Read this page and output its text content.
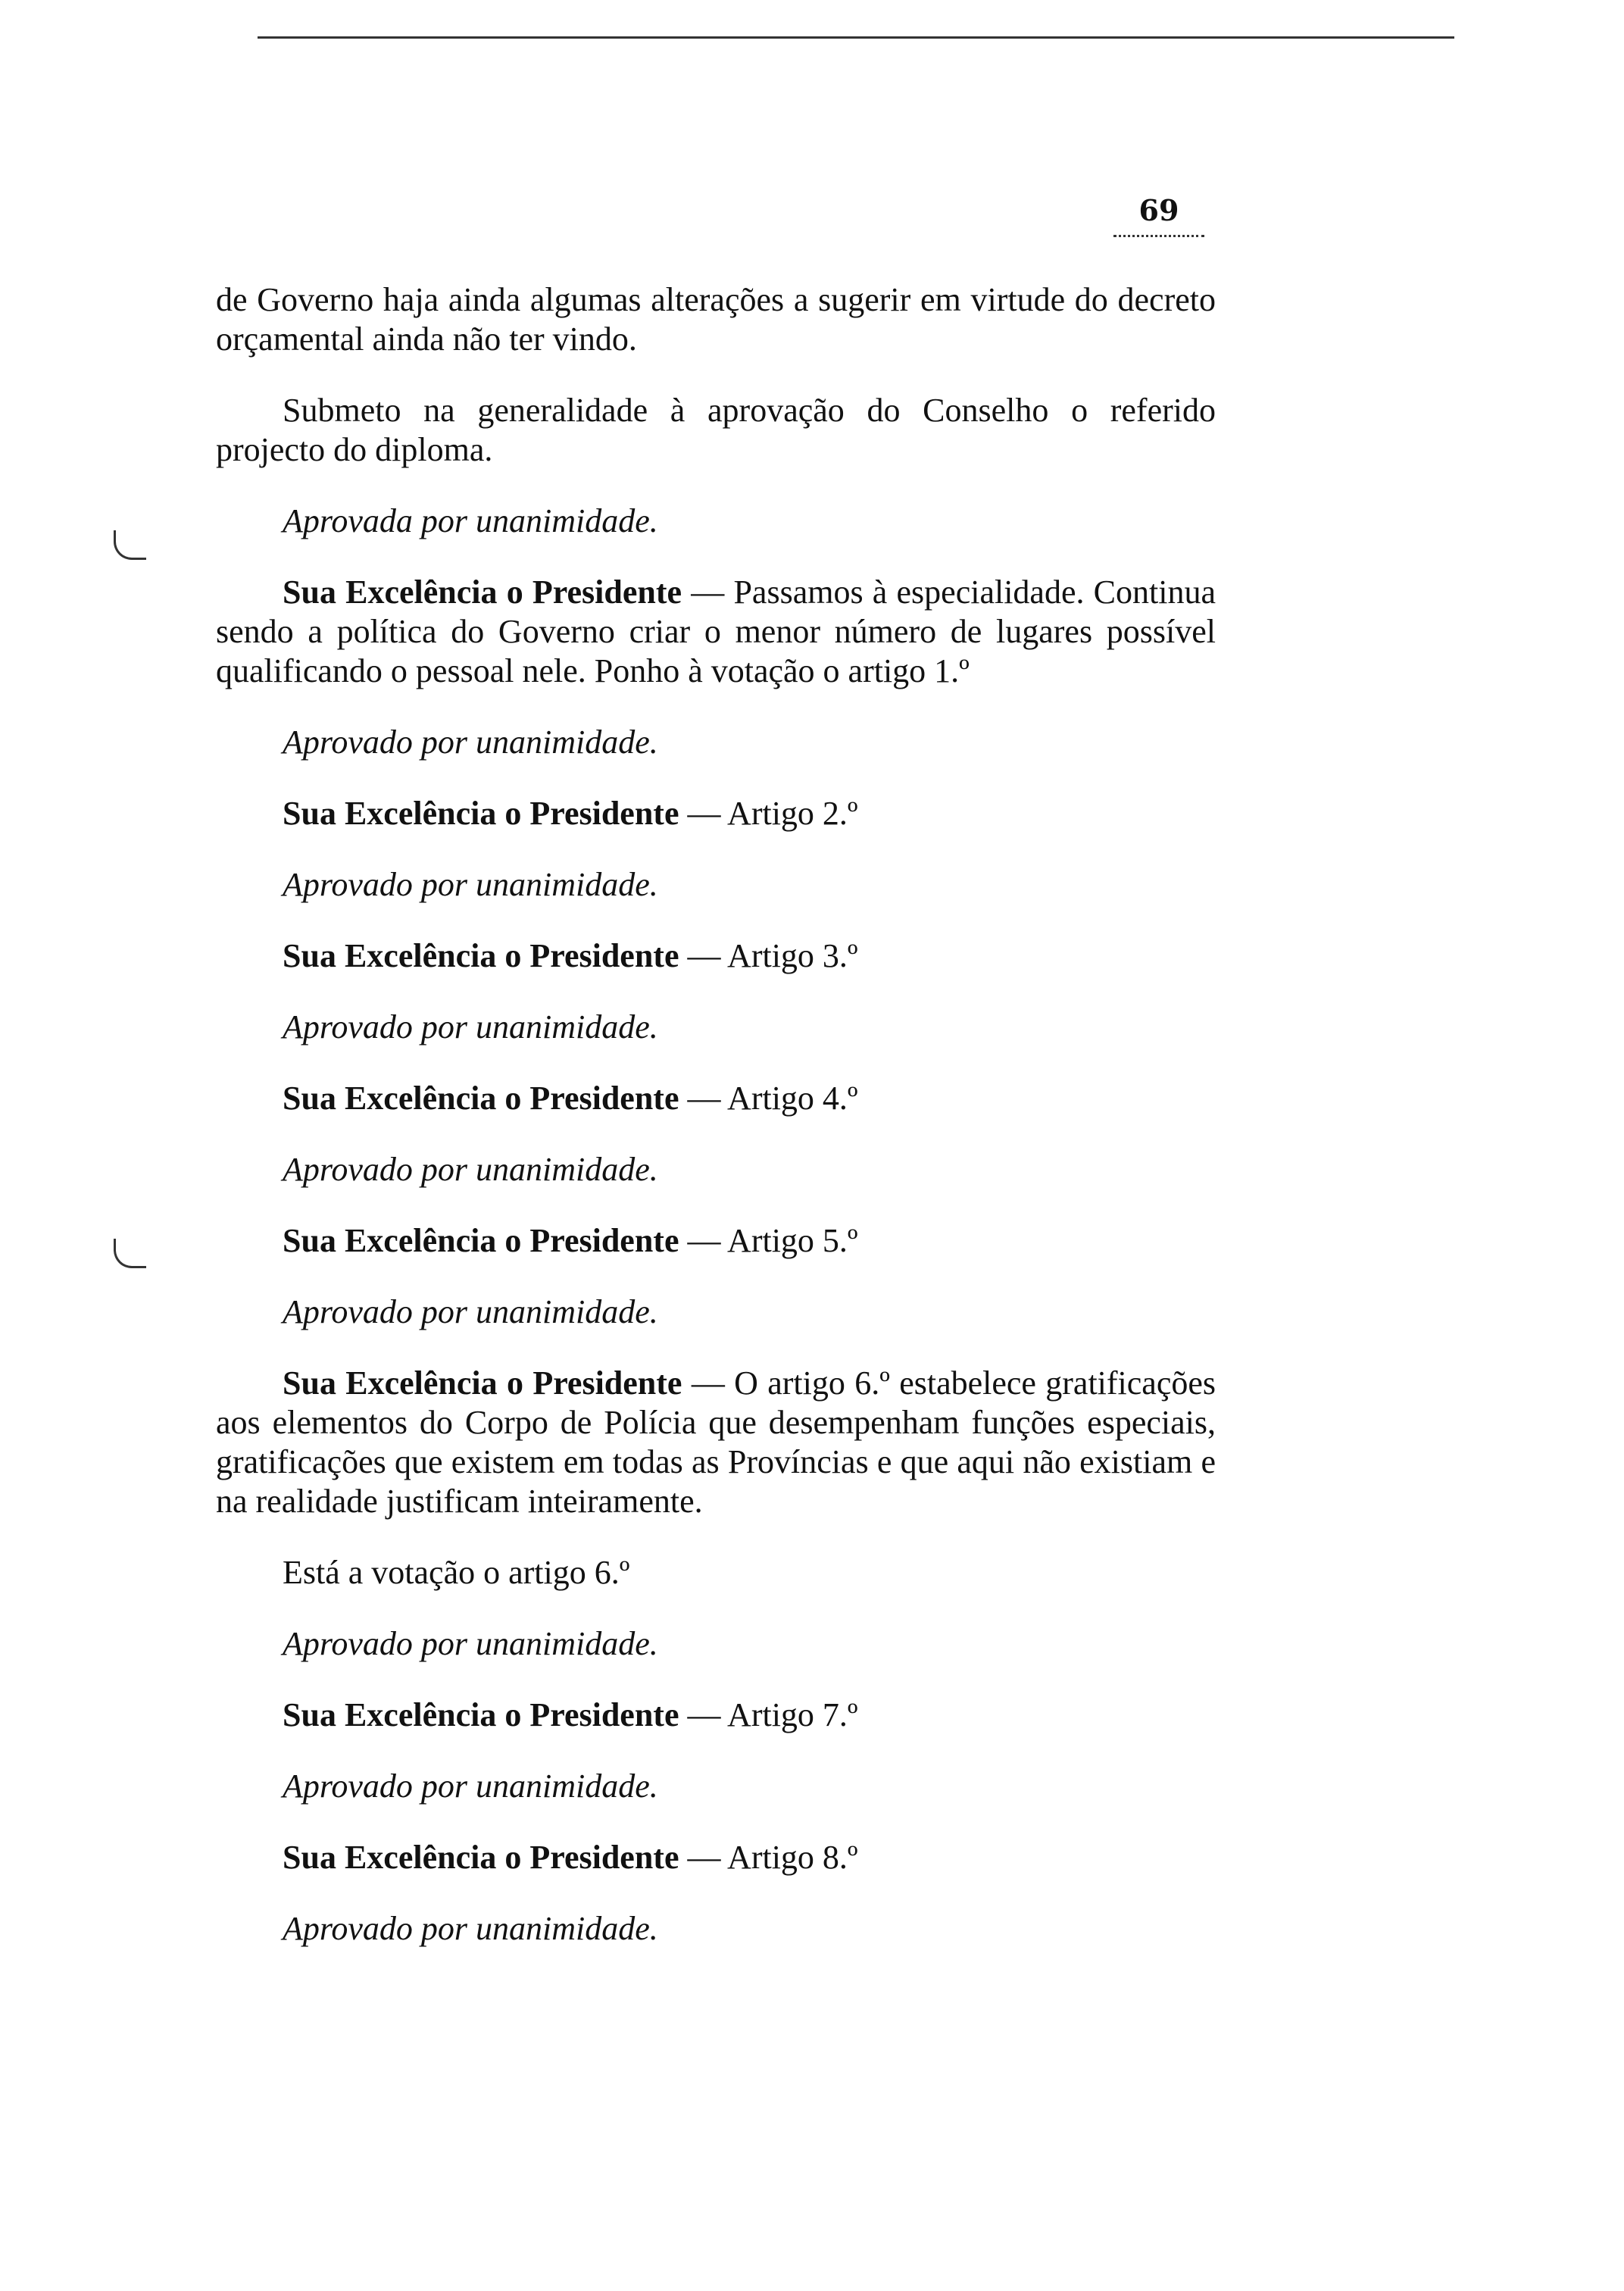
69

de Governo haja ainda algumas alterações a sugerir em virtude do decreto orçamental ainda não ter vindo.

Submeto na generalidade à aprovação do Conselho o referido projecto do diploma.

Aprovada por unanimidade.

Sua Excelência o Presidente — Passamos à especialidade. Continua sendo a política do Governo criar o menor número de lugares possível qualificando o pessoal nele. Ponho à votação o artigo 1.º

Aprovado por unanimidade.

Sua Excelência o Presidente — Artigo 2.º

Aprovado por unanimidade.

Sua Excelência o Presidente — Artigo 3.º

Aprovado por unanimidade.

Sua Excelência o Presidente — Artigo 4.º

Aprovado por unanimidade.

Sua Excelência o Presidente — Artigo 5.º

Aprovado por unanimidade.

Sua Excelência o Presidente — O artigo 6.º estabelece gratificações aos elementos do Corpo de Polícia que desempenham funções especiais, gratificações que existem em todas as Províncias e que aqui não existiam e na realidade justificam inteiramente.

Está a votação o artigo 6.º

Aprovado por unanimidade.

Sua Excelência o Presidente — Artigo 7.º

Aprovado por unanimidade.

Sua Excelência o Presidente — Artigo 8.º

Aprovado por unanimidade.
